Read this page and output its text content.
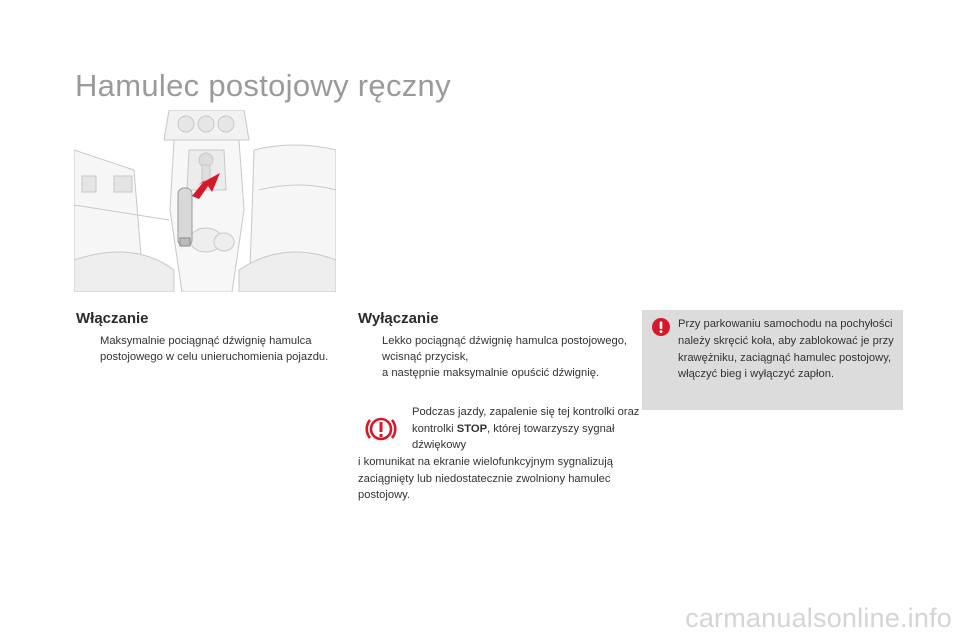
Hamulec postojowy ręczny
Włączanie
Maksymalnie pociągnąć dźwignię hamulca postojowego w celu unieruchomienia pojazdu.
Wyłączanie
Lekko pociągnąć dźwignię hamulca postojowego, wcisnąć przycisk,
a następnie maksymalnie opuścić dźwignię.
Podczas jazdy, zapalenie się tej kontrolki oraz kontrolki STOP, której towarzyszy sygnał dźwiękowy
i komunikat na ekranie wielofunkcyjnym sygnalizują zaciągnięty lub niedostatecznie zwolniony hamulec postojowy.

Przy parkowaniu samochodu na pochyłości należy skręcić koła, aby zablokować je przy krawężniku, zaciągnąć hamulec postojowy, włączyć bieg i wyłączyć zapłon.

carmanualsonline.info
